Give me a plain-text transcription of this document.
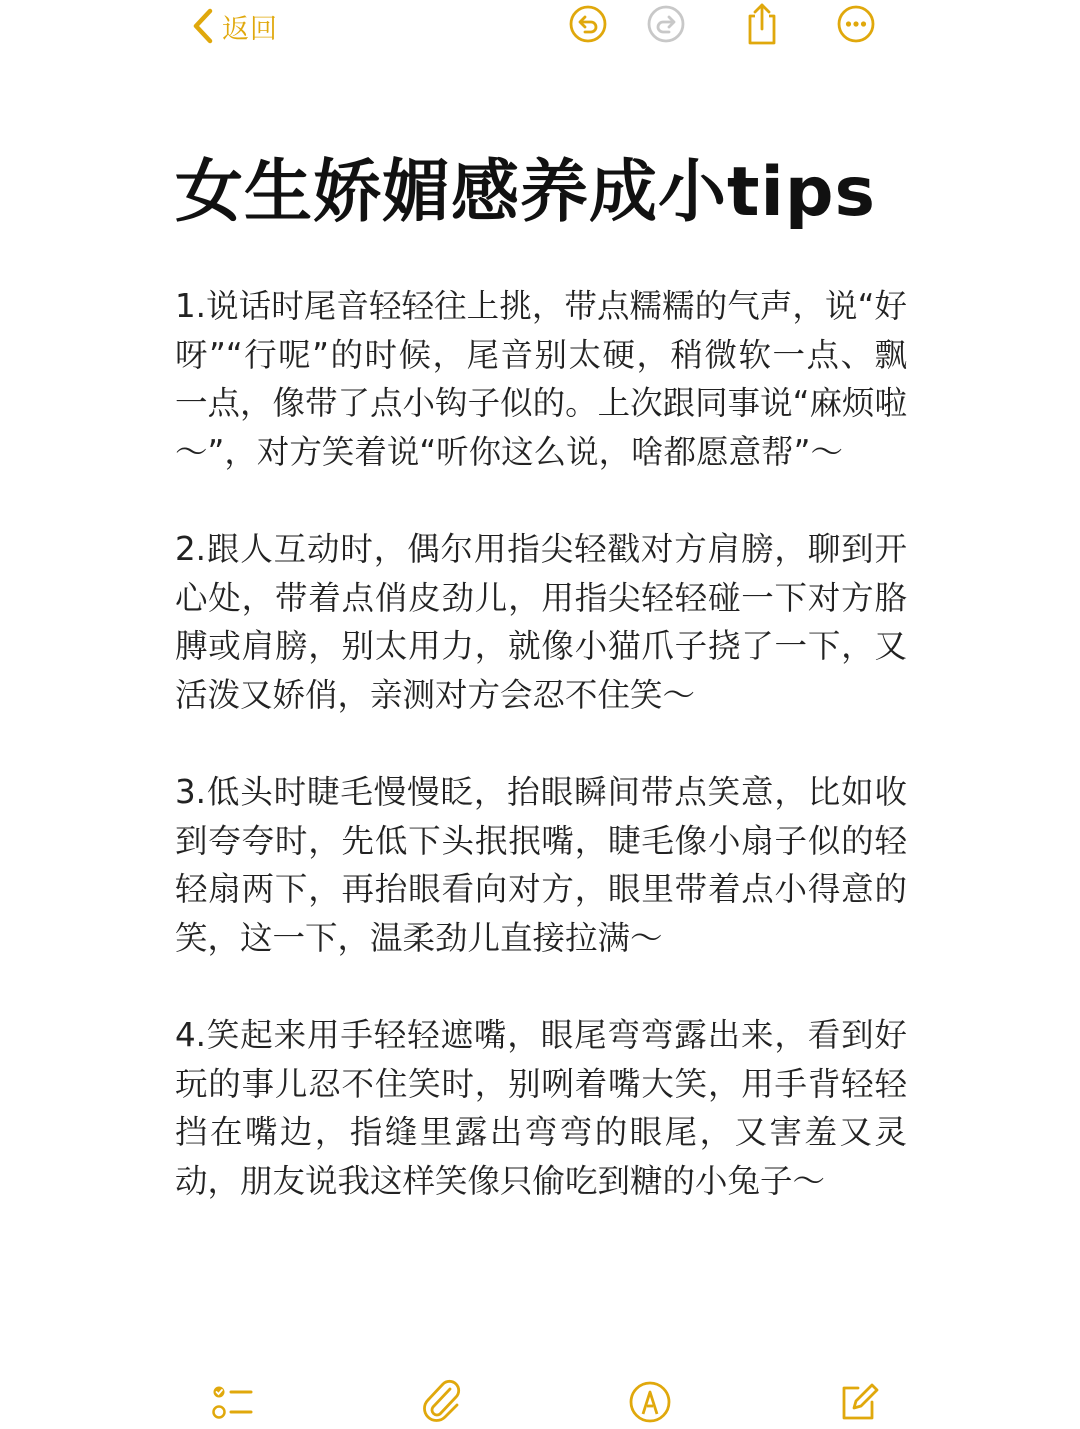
返回
女生娇媚感养成小tips

1.说话时尾音轻轻往上挑，带点糯糯的气声，说“好呀”“行呢”的时候，尾音别太硬，稍微软一点、飘一点，像带了点小钩子似的。上次跟同事说“麻烦啦～”，对方笑着说“听你这么说，啥都愿意帮”～

2.跟人互动时，偶尔用指尖轻戳对方肩膀，聊到开心处，带着点俏皮劲儿，用指尖轻轻碰一下对方胳膊或肩膀，别太用力，就像小猫爪子挠了一下，又活泼又娇俏，亲测对方会忍不住笑～

3.低头时睫毛慢慢眨，抬眼瞬间带点笑意，比如收到夸夸时，先低下头抿抿嘴，睫毛像小扇子似的轻轻扇两下，再抬眼看向对方，眼里带着点小得意的笑，这一下，温柔劲儿直接拉满～

4.笑起来用手轻轻遮嘴，眼尾弯弯露出来，看到好玩的事儿忍不住笑时，别咧着嘴大笑，用手背轻轻挡在嘴边，指缝里露出弯弯的眼尾，又害羞又灵动，朋友说我这样笑像只偷吃到糖的小兔子～
